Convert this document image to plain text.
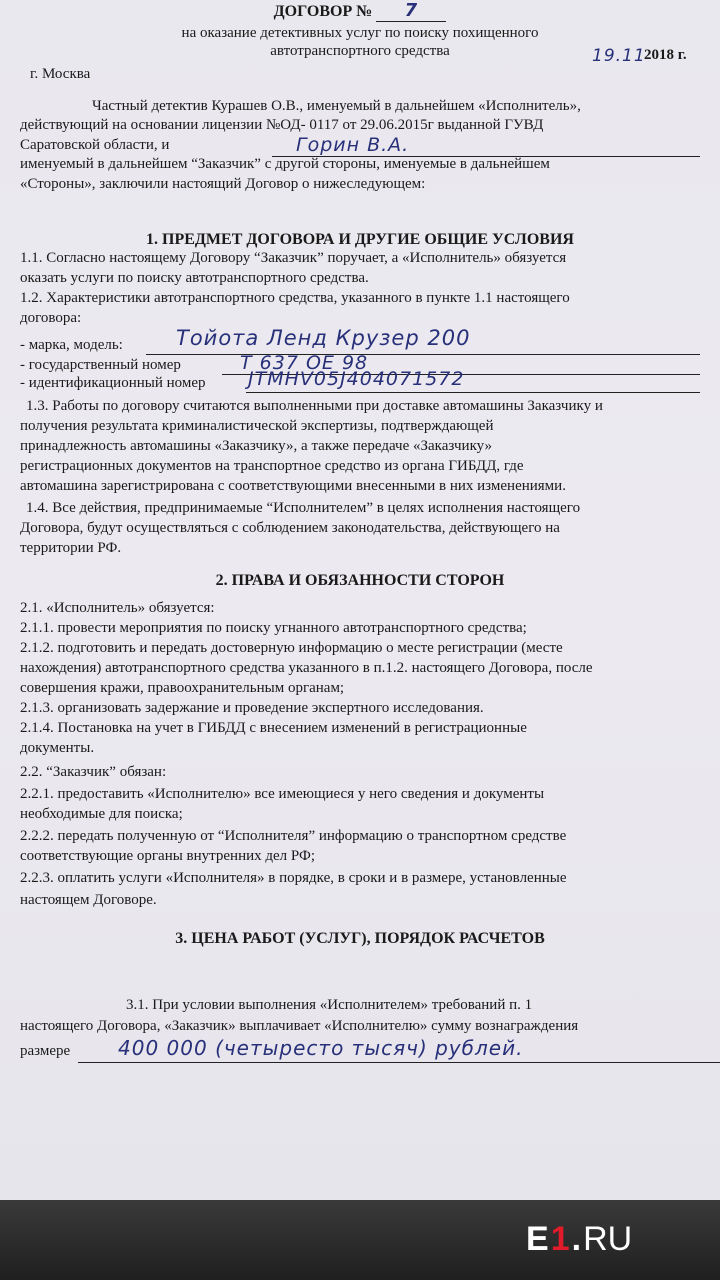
ДОГОВОР № 7
на оказание детективных услуг по поиску похищенного
автотранспортного средства
г. Москва
19.11
2018 г.
Частный детектив Курашев О.В., именуемый в дальнейшем «Исполнитель»,
действующий на основании лицензии №ОД- 0117 от 29.06.2015г выданной ГУВД
Саратовской области, и	Горин В.А.
именуемый в дальнейшем “Заказчик” с другой стороны, именуемые в дальнейшем
«Стороны», заключили настоящий Договор о нижеследующем:
1. ПРЕДМЕТ ДОГОВОРА И ДРУГИЕ ОБЩИЕ УСЛОВИЯ
1.1. Согласно настоящему Договору “Заказчик” поручает, а «Исполнитель» обязуется
оказать услуги по поиску автотранспортного средства.
1.2. Характеристики автотранспортного средства, указанного в пункте 1.1 настоящего
договора:
- марка, модель:	Тойота Ленд Крузер 200
- государственный номер	Т 637 ОЕ 98
- идентификационный номер JTMHV05J404071572
1.3. Работы по договору считаются выполненными при доставке автомашины Заказчику и
получения результата криминалистической экспертизы, подтверждающей
принадлежность автомашины «Заказчику», а также передаче «Заказчику»
регистрационных документов на транспортное средство из органа ГИБДД, где
автомашина зарегистрирована с соответствующими внесенными в них изменениями.
1.4. Все действия, предпринимаемые “Исполнителем” в целях исполнения настоящего
Договора, будут осуществляться с соблюдением законодательства, действующего на
территории РФ.
2. ПРАВА И ОБЯЗАННОСТИ СТОРОН
2.1. «Исполнитель» обязуется:
2.1.1. провести мероприятия по поиску угнанного автотранспортного средства;
2.1.2. подготовить и передать достоверную информацию о месте регистрации (месте
нахождения) автотранспортного средства указанного в п.1.2. настоящего Договора, после
совершения кражи, правоохранительным органам;
2.1.3. организовать задержание и проведение экспертного исследования.
2.1.4. Постановка на учет в ГИБДД с внесением изменений в регистрационные
документы.
2.2. “Заказчик” обязан:
2.2.1. предоставить «Исполнителю» все имеющиеся у него сведения и документы
необходимые для поиска;
2.2.2. передать полученную от “Исполнителя” информацию о транспортном средстве
соответствующие органы внутренних дел РФ;
2.2.3. оплатить услуги «Исполнителя» в порядке, в сроки и в размере, установленные
настоящем Договоре.
3. ЦЕНА РАБОТ (УСЛУГ), ПОРЯДОК РАСЧЕТОВ
3.1. При условии выполнения «Исполнителем» требований п. 1
настоящего Договора, «Заказчик» выплачивает «Исполнителю» сумму вознаграждения
размере 400 000 (четыресто тысяч) рублей.
E 1 . RU
